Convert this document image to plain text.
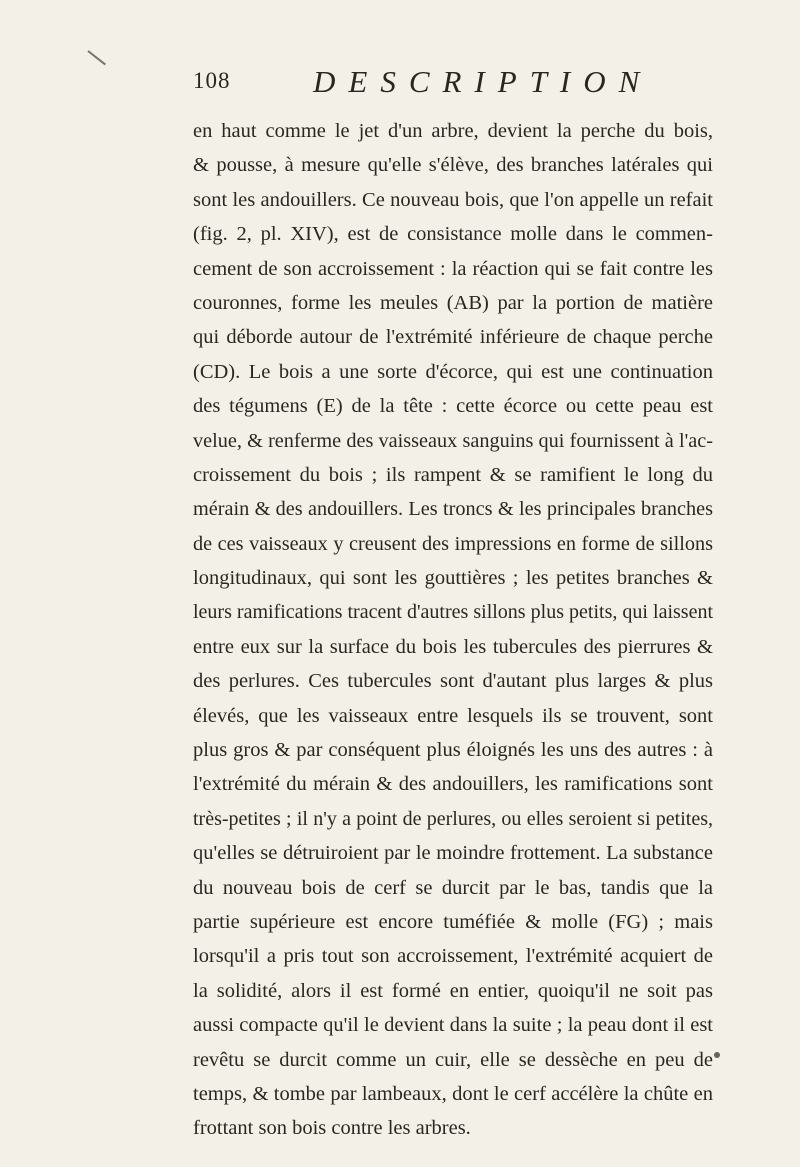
108	DESCRIPTION
en haut comme le jet d'un arbre, devient la perche du bois,
& pousse, à mesure qu'elle s'élève, des branches latérales qui
sont les andouillers. Ce nouveau bois, que l'on appelle un refait
(fig. 2, pl. XIV), est de consistance molle dans le commen-
cement de son accroissement : la réaction qui se fait contre les
couronnes, forme les meules (AB) par la portion de matière
qui déborde autour de l'extrémité inférieure de chaque perche
(CD). Le bois a une sorte d'écorce, qui est une continuation
des tégumens (E) de la tête : cette écorce ou cette peau est
velue, & renferme des vaisseaux sanguins qui fournissent à l'ac-
croissement du bois ; ils rampent & se ramifient le long du
mérain & des andouillers. Les troncs & les principales branches
de ces vaisseaux y creusent des impressions en forme de sillons
longitudinaux, qui sont les gouttières ; les petites branches &
leurs ramifications tracent d'autres sillons plus petits, qui laissent
entre eux sur la surface du bois les tubercules des pierrures &
des perlures. Ces tubercules sont d'autant plus larges & plus
élevés, que les vaisseaux entre lesquels ils se trouvent, sont
plus gros & par conséquent plus éloignés les uns des autres : à
l'extrémité du mérain & des andouillers, les ramifications sont
très-petites ; il n'y a point de perlures, ou elles seroient si petites,
qu'elles se détruiroient par le moindre frottement. La substance
du nouveau bois de cerf se durcit par le bas, tandis que la
partie supérieure est encore tuméfiée & molle (FG) ; mais
lorsqu'il a pris tout son accroissement, l'extrémité acquiert de
la solidité, alors il est formé en entier, quoiqu'il ne soit pas
aussi compacte qu'il le devient dans la suite ; la peau dont il est
revêtu se durcit comme un cuir, elle se dessèche en peu de
temps, & tombe par lambeaux, dont le cerf accélère la chûte en
frottant son bois contre les arbres.
